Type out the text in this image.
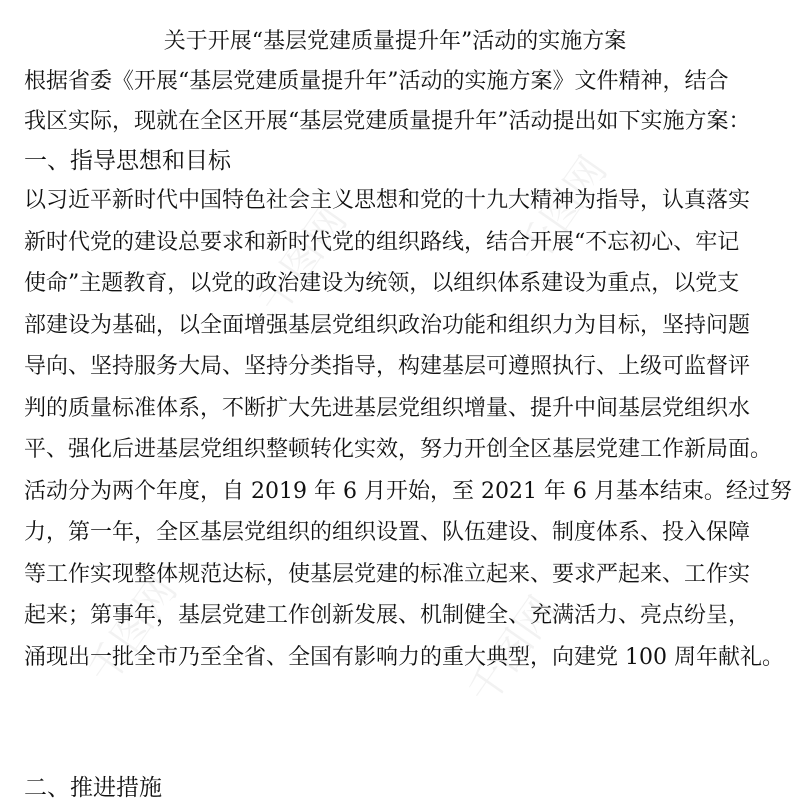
千图网	千图网
千图网	千图网
关于开展“基层党建质量提升年”活动的实施方案
根据省委《开展“基层党建质量提升年”活动的实施方案》文件精神，结合
我区实际，现就在全区开展“基层党建质量提升年”活动提出如下实施方案：
一、指导思想和目标
以习近平新时代中国特色社会主义思想和党的十九大精神为指导，认真落实
新时代党的建设总要求和新时代党的组织路线，结合开展“不忘初心、牢记
使命”主题教育，以党的政治建设为统领，以组织体系建设为重点，以党支
部建设为基础，以全面增强基层党组织政治功能和组织力为目标，坚持问题
导向、坚持服务大局、坚持分类指导，构建基层可遵照执行、上级可监督评
判的质量标准体系，不断扩大先进基层党组织增量、提升中间基层党组织水
平、强化后进基层党组织整顿转化实效，努力开创全区基层党建工作新局面。
活动分为两个年度，自 2019 年 6 月开始，至 2021 年 6 月基本结束。经过努
力，第一年，全区基层党组织的组织设置、队伍建设、制度体系、投入保障
等工作实现整体规范达标，使基层党建的标准立起来、要求严起来、工作实
起来；第事年，基层党建工作创新发展、机制健全、充满活力、亮点纷呈，
涌现出一批全市乃至全省、全国有影响力的重大典型，向建党 100 周年献礼。
二、推进措施
